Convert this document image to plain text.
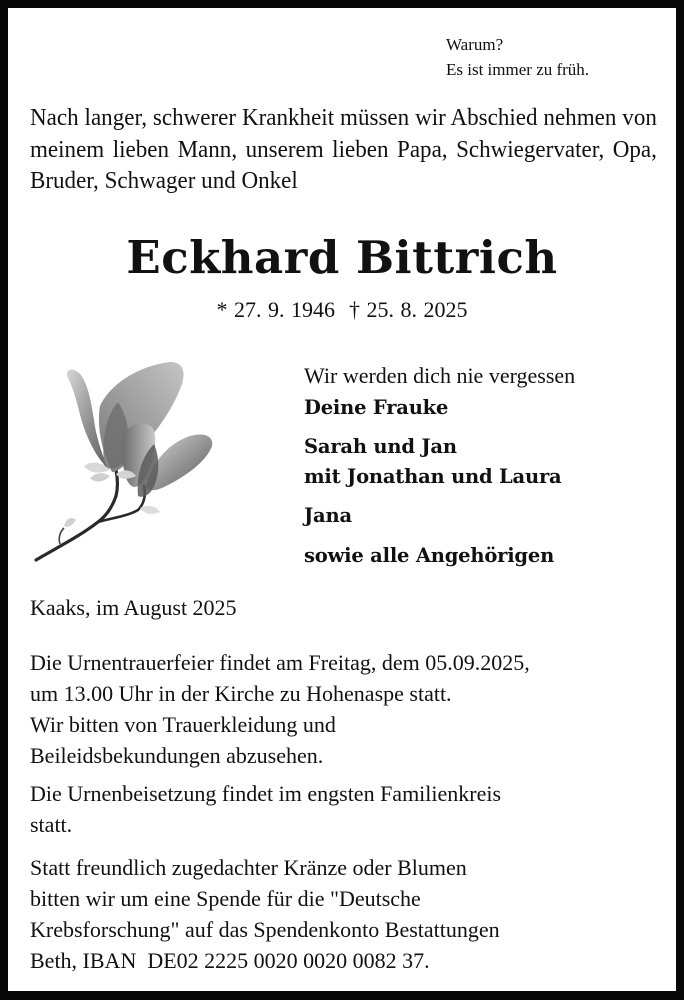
Warum?
Es ist immer zu früh.
Nach langer, schwerer Krankheit müssen wir Abschied nehmen von meinem lieben Mann, unserem lieben Papa, Schwiegervater, Opa, Bruder, Schwager und Onkel
Eckhard Bittrich
* 27. 9. 1946 † 25. 8. 2025
Wir werden dich nie vergessen
Deine Frauke
Sarah und Jan
mit Jonathan und Laura
Jana
sowie alle Angehörigen
Kaaks, im August 2025
Die Urnentrauerfeier findet am Freitag, dem 05.09.2025,
um 13.00 Uhr in der Kirche zu Hohenaspe statt.
Wir bitten von Trauerkleidung und
Beileidsbekundungen abzusehen.
Die Urnenbeisetzung findet im engsten Familienkreis
statt.
Statt freundlich zugedachter Kränze oder Blumen
bitten wir um eine Spende für die "Deutsche
Krebsforschung" auf das Spendenkonto Bestattungen
Beth, IBAN  DE02 2225 0020 0020 0082 37.
